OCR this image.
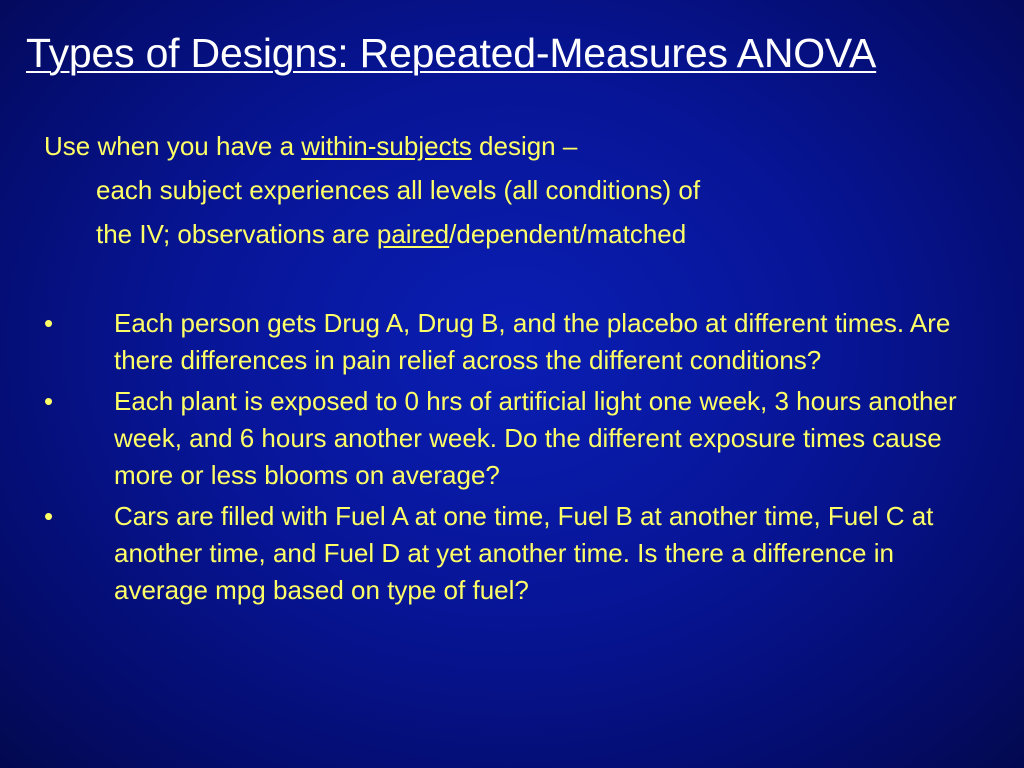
Types of Designs: Repeated-Measures ANOVA
Use when you have a within-subjects design –
each subject experiences all levels (all conditions) of
the IV; observations are paired/dependent/matched
•	Each person gets Drug A, Drug B, and the placebo at different times. Are there differences in pain relief across the different conditions?
•	Each plant is exposed to 0 hrs of artificial light one week, 3 hours another week, and 6 hours another week. Do the different exposure times cause more or less blooms on average?
•	Cars are filled with Fuel A at one time, Fuel B at another time, Fuel C at another time, and Fuel D at yet another time. Is there a difference in average mpg based on type of fuel?
